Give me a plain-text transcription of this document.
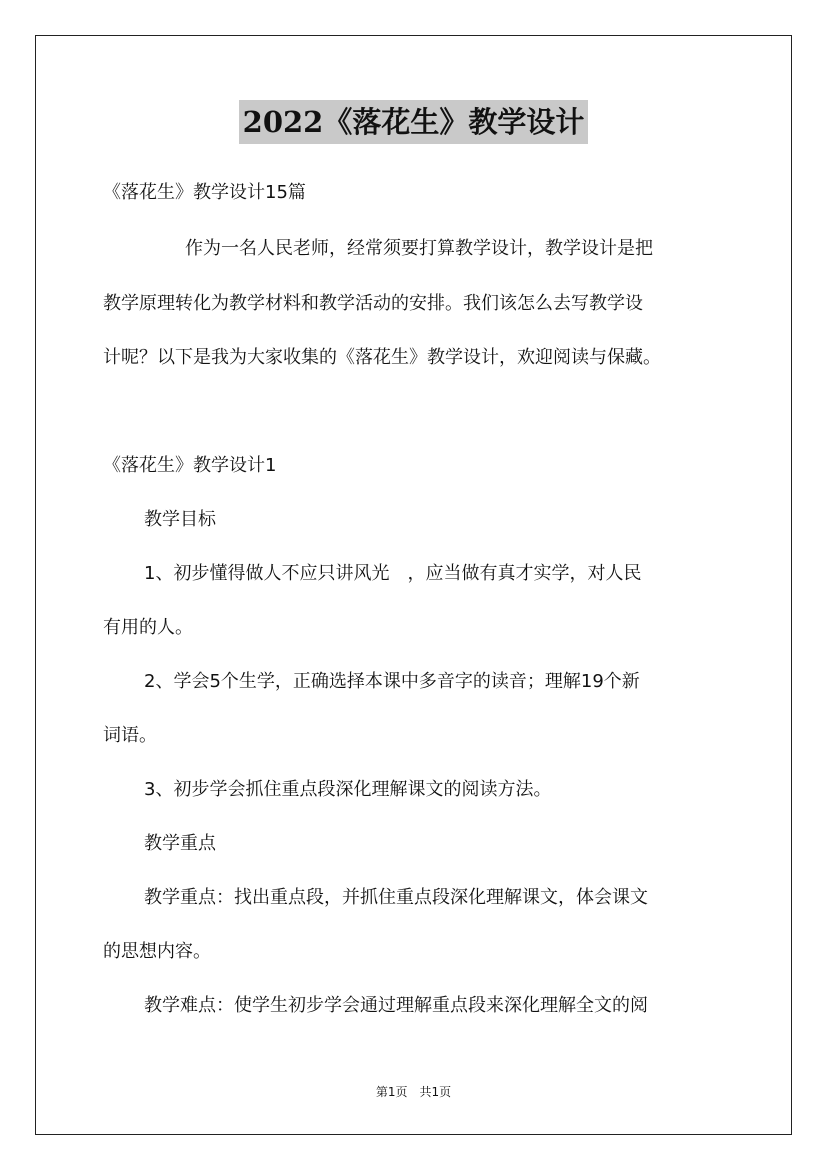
2022《落花生》教学设计
《落花生》教学设计15篇
作为一名人民老师，经常须要打算教学设计，教学设计是把
教学原理转化为教学材料和教学活动的安排。我们该怎么去写教学设
计呢？以下是我为大家收集的《落花生》教学设计，欢迎阅读与保藏。
《落花生》教学设计1
教学目标
1、初步懂得做人不应只讲风光　，应当做有真才实学，对人民
有用的人。
2、学会5个生学，正确选择本课中多音字的读音；理解19个新
词语。
3、初步学会抓住重点段深化理解课文的阅读方法。
教学重点
教学重点：找出重点段，并抓住重点段深化理解课文，体会课文
的思想内容。
教学难点：使学生初步学会通过理解重点段来深化理解全文的阅
第1页　共1页
